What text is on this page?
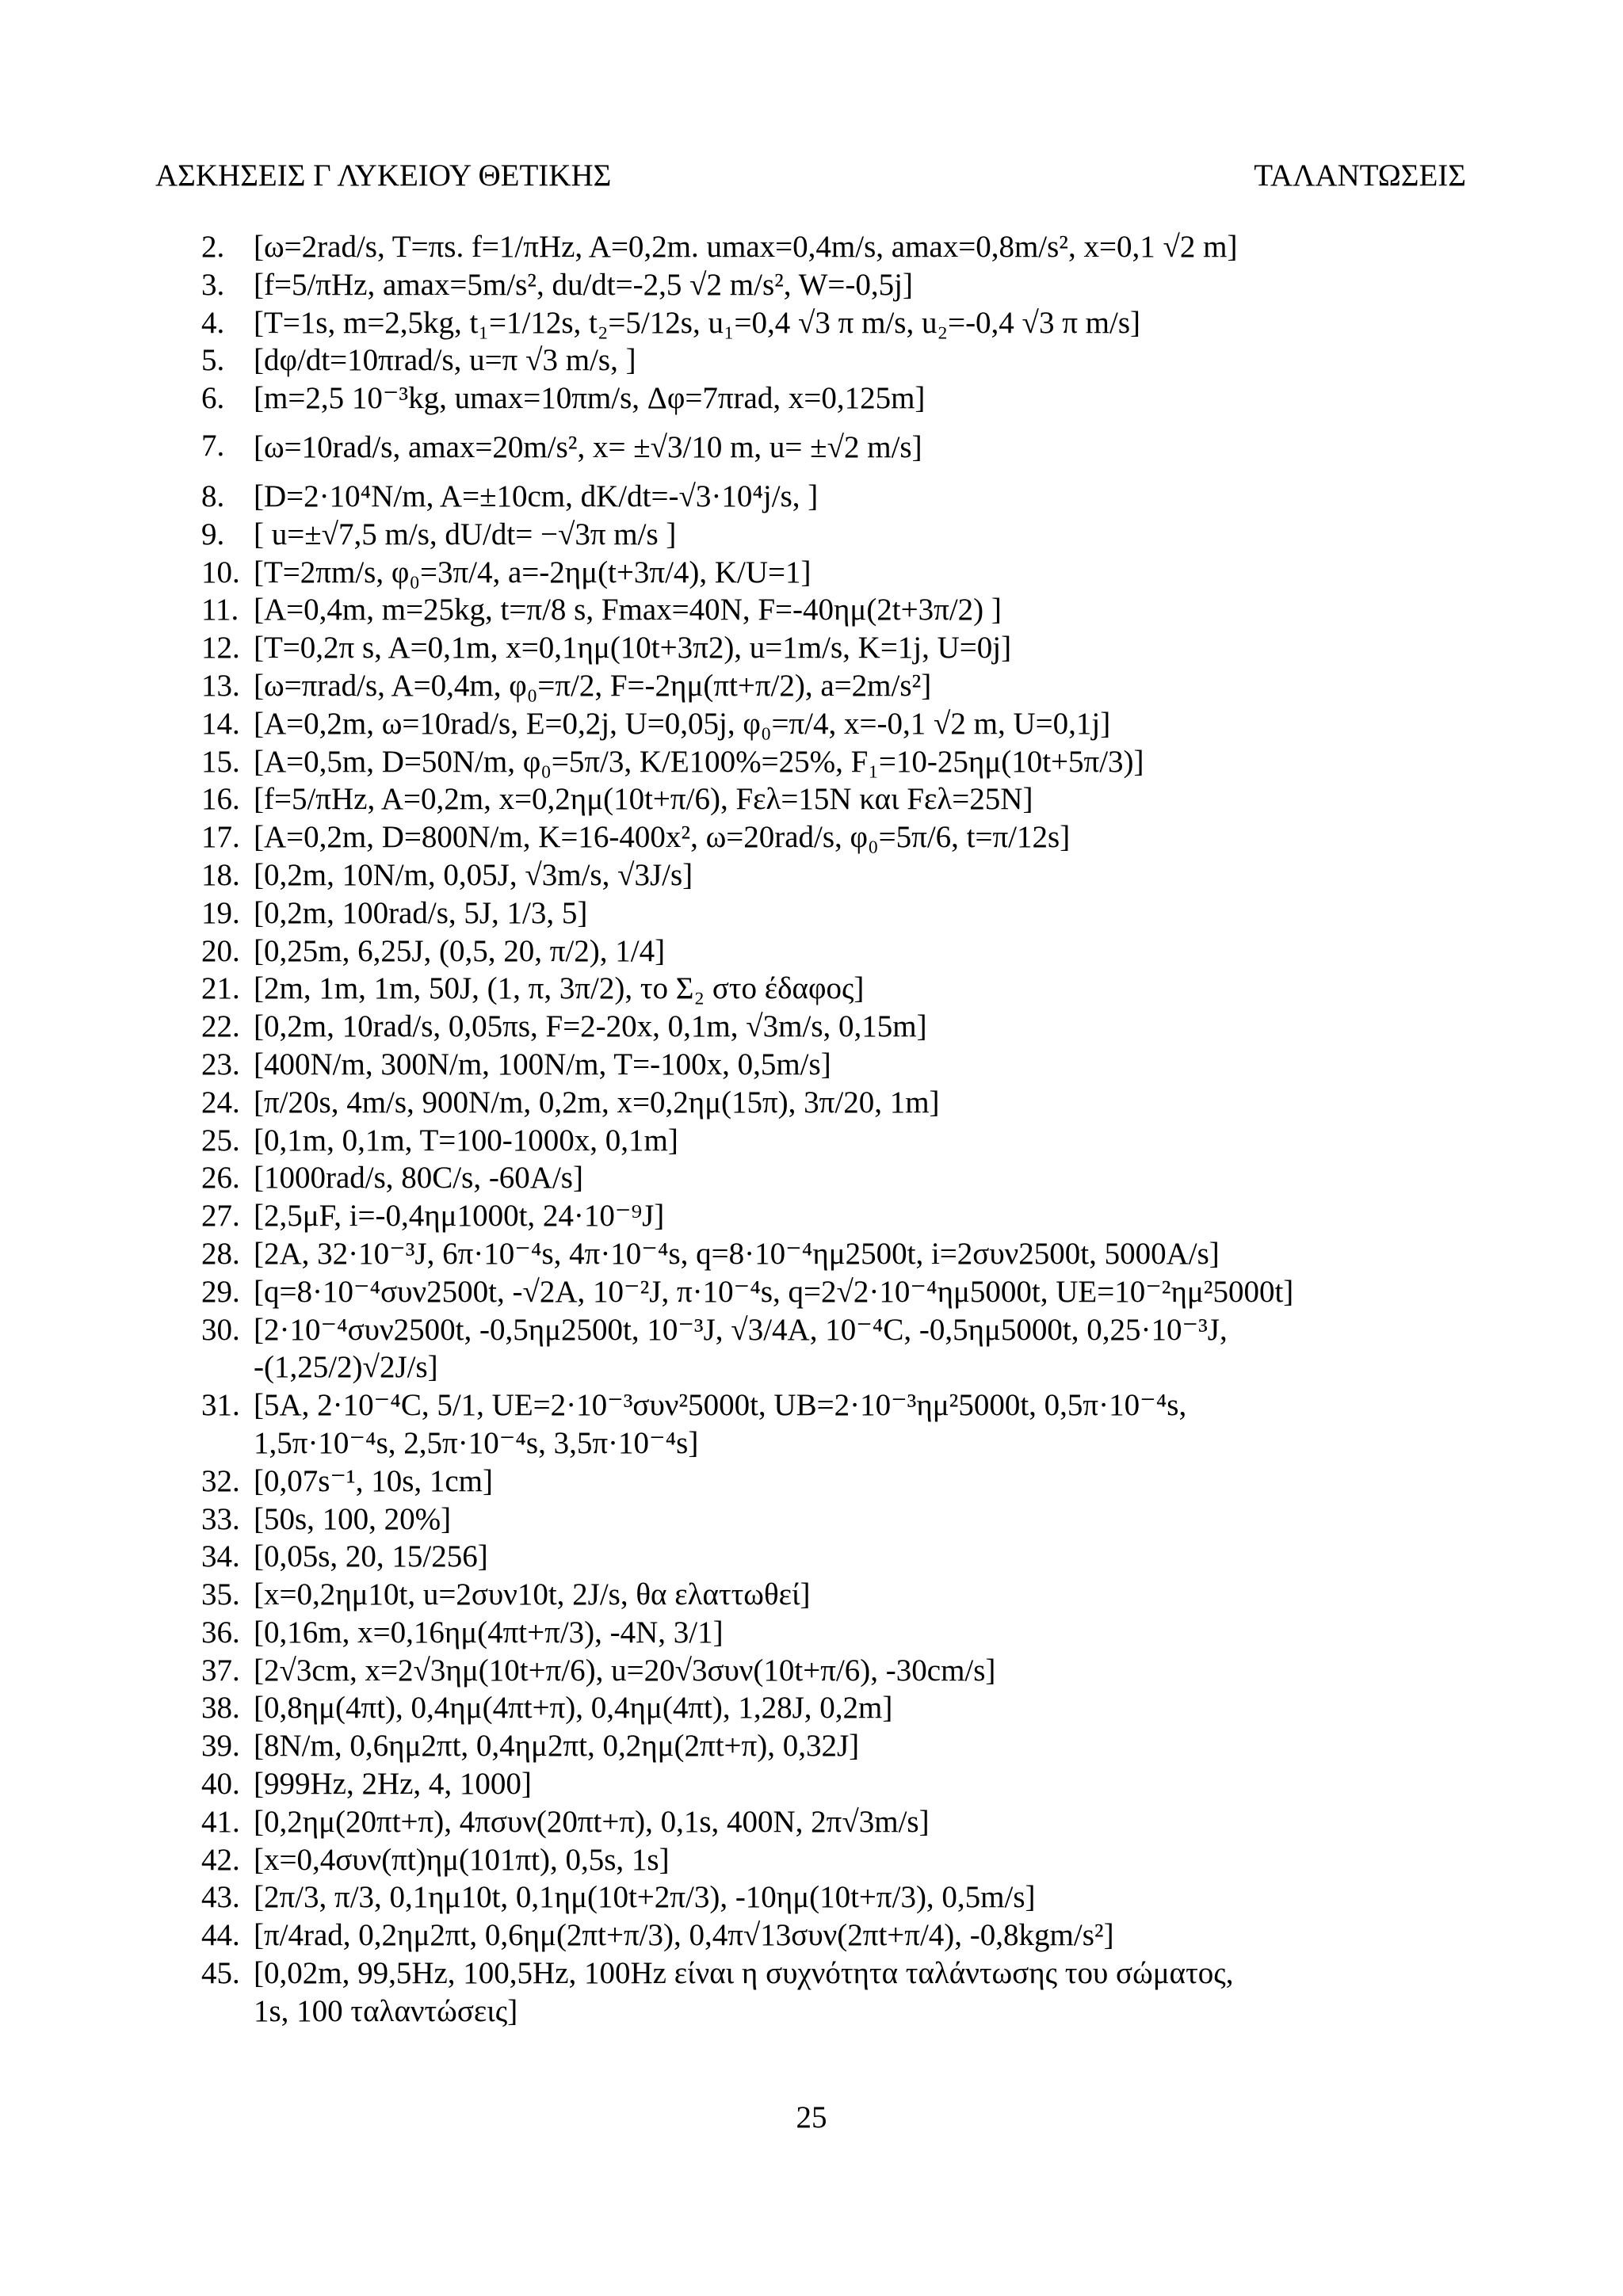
ΑΣΚΗΣΕΙΣ Γ ΛΥΚΕΙΟΥ ΘΕΤΙΚΗΣ	ΤΑΛΑΝΤΩΣΕΙΣ
2. [ω=2rad/s, T=πs. f=1/πHz, A=0,2m. umax=0,4m/s, amax=0,8m/s², x=0,1 √2 m]
3. [f=5/πHz, amax=5m/s², du/dt=-2,5 √2 m/s², W=-0,5j]
4. [T=1s, m=2,5kg, t₁=1/12s, t₂=5/12s, u₁=0,4 √3 π m/s, u₂=-0,4 √3 π m/s]
5. [dφ/dt=10πrad/s, u=π √3 m/s, ]
6. [m=2,5 10⁻³kg, umax=10πm/s, Δφ=7πrad, x=0,125m]
7. [ω=10rad/s, amax=20m/s², x= ±√3/10 m, u= ±√2 m/s]
8. [D=2·10⁴N/m, A=±10cm, dK/dt=-√3·10⁴j/s, ]
9. [ u=±√7,5 m/s, dU/dt= −√3π m/s ]
10. [T=2πm/s, φ₀=3π/4, a=-2ημ(t+3π/4), K/U=1]
11. [A=0,4m, m=25kg, t=π/8 s, Fmax=40N, F=-40ημ(2t+3π/2) ]
12. [T=0,2π s, A=0,1m, x=0,1ημ(10t+3π2), u=1m/s, K=1j, U=0j]
13. [ω=πrad/s, A=0,4m, φ₀=π/2, F=-2ημ(πt+π/2), a=2m/s²]
14. [A=0,2m, ω=10rad/s, E=0,2j, U=0,05j, φ₀=π/4, x=-0,1 √2 m, U=0,1j]
15. [A=0,5m, D=50N/m, φ₀=5π/3, K/E100%=25%, F₁=10-25ημ(10t+5π/3)]
16. [f=5/πHz, A=0,2m, x=0,2ημ(10t+π/6), Fελ=15N και Fελ=25N]
17. [A=0,2m, D=800N/m, K=16-400x², ω=20rad/s, φ₀=5π/6, t=π/12s]
18. [0,2m, 10N/m, 0,05J, √3m/s, √3J/s]
19. [0,2m, 100rad/s, 5J, 1/3, 5]
20. [0,25m, 6,25J, (0,5, 20, π/2), 1/4]
21. [2m, 1m, 1m, 50J, (1, π, 3π/2), το Σ₂ στο έδαφος]
22. [0,2m, 10rad/s, 0,05πs, F=2-20x, 0,1m, √3m/s, 0,15m]
23. [400N/m, 300N/m, 100N/m, T=-100x, 0,5m/s]
24. [π/20s, 4m/s, 900N/m, 0,2m, x=0,2ημ(15π), 3π/20, 1m]
25. [0,1m, 0,1m, T=100-1000x, 0,1m]
26. [1000rad/s, 80C/s, -60A/s]
27. [2,5μF, i=-0,4ημ1000t, 24·10⁻⁹J]
28. [2A, 32·10⁻³J, 6π·10⁻⁴s, 4π·10⁻⁴s, q=8·10⁻⁴ημ2500t, i=2συν2500t, 5000A/s]
29. [q=8·10⁻⁴συν2500t, -√2A, 10⁻²J, π·10⁻⁴s, q=2√2·10⁻⁴ημ5000t, UE=10⁻²ημ²5000t]
30. [2·10⁻⁴συν2500t, -0,5ημ2500t, 10⁻³J, √3/4A, 10⁻⁴C, -0,5ημ5000t, 0,25·10⁻³J,
-(1,25/2)√2J/s]
31. [5A, 2·10⁻⁴C, 5/1, UE=2·10⁻³συν²5000t, UB=2·10⁻³ημ²5000t, 0,5π·10⁻⁴s,
1,5π·10⁻⁴s, 2,5π·10⁻⁴s, 3,5π·10⁻⁴s]
32. [0,07s⁻¹, 10s, 1cm]
33. [50s, 100, 20%]
34. [0,05s, 20, 15/256]
35. [x=0,2ημ10t, u=2συν10t, 2J/s, θα ελαττωθεί]
36. [0,16m, x=0,16ημ(4πt+π/3), -4N, 3/1]
37. [2√3cm, x=2√3ημ(10t+π/6), u=20√3συν(10t+π/6), -30cm/s]
38. [0,8ημ(4πt), 0,4ημ(4πt+π), 0,4ημ(4πt), 1,28J, 0,2m]
39. [8N/m, 0,6ημ2πt, 0,4ημ2πt, 0,2ημ(2πt+π), 0,32J]
40. [999Hz, 2Hz, 4, 1000]
41. [0,2ημ(20πt+π), 4πσυν(20πt+π), 0,1s, 400N, 2π√3m/s]
42. [x=0,4συν(πt)ημ(101πt), 0,5s, 1s]
43. [2π/3, π/3, 0,1ημ10t, 0,1ημ(10t+2π/3), -10ημ(10t+π/3), 0,5m/s]
44. [π/4rad, 0,2ημ2πt, 0,6ημ(2πt+π/3), 0,4π√13συν(2πt+π/4), -0,8kgm/s²]
45. [0,02m, 99,5Hz, 100,5Hz, 100Hz είναι η συχνότητα ταλάντωσης του σώματος,
1s, 100 ταλαντώσεις]
25
